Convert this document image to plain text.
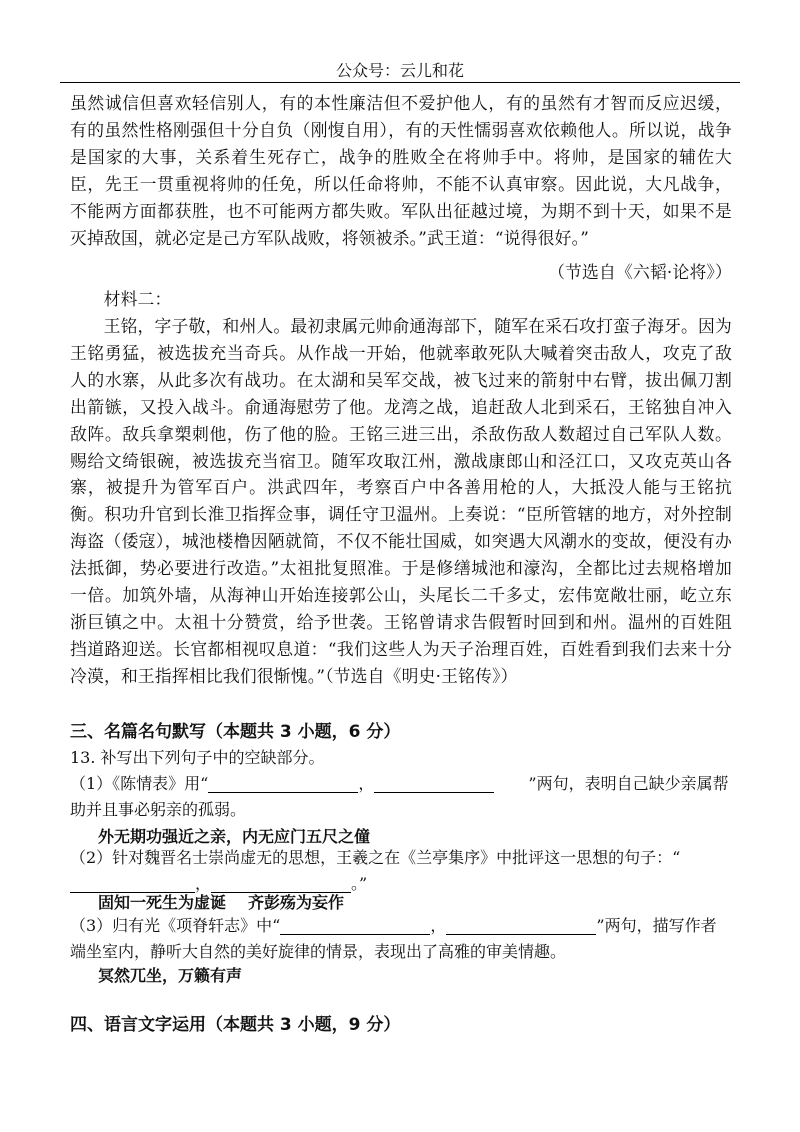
公众号：云儿和花
虽然诚信但喜欢轻信别人，有的本性廉洁但不爱护他人，有的虽然有才智而反应迟缓，有的虽然性格刚强但十分自负（刚愎自用），有的天性懦弱喜欢依赖他人。所以说，战争是国家的大事，关系着生死存亡，战争的胜败全在将帅手中。将帅，是国家的辅佐大臣，先王一贯重视将帅的任免，所以任命将帅，不能不认真审察。因此说，大凡战争，不能两方面都获胜，也不可能两方都失败。军队出征越过境，为期不到十天，如果不是灭掉敌国，就必定是己方军队战败，将领被杀。”武王道：“说得很好。”
（节选自《六韬·论将》）
材料二：
王铭，字子敬，和州人。最初隶属元帅俞通海部下，随军在采石攻打蛮子海牙。因为王铭勇猛，被选拔充当奇兵。从作战一开始，他就率敢死队大喊着突击敌人，攻克了敌人的水寨，从此多次有战功。在太湖和吴军交战，被飞过来的箭射中右臂，拔出佩刀割出箭镞，又投入战斗。俞通海慰劳了他。龙湾之战，追赶敌人北到采石，王铭独自冲入敌阵。敌兵拿槊刺他，伤了他的脸。王铭三进三出，杀敌伤敌人数超过自己军队人数。赐给文绮银碗，被选拔充当宿卫。随军攻取江州，激战康郎山和泾江口，又攻克英山各寨，被提升为管军百户。洪武四年，考察百户中各善用枪的人，大抵没人能与王铭抗衡。积功升官到长淮卫指挥佥事，调任守卫温州。上奏说：“臣所管辖的地方，对外控制海盗（倭寇），城池楼橹因陋就简，不仅不能壮国威，如突遇大风潮水的变故，便没有办法抵御，势必要进行改造。”太祖批复照准。于是修缮城池和濠沟，全都比过去规格增加一倍。加筑外墙，从海神山开始连接郭公山，头尾长二千多丈，宏伟宽敞壮丽，屹立东浙巨镇之中。太祖十分赞赏，给予世袭。王铭曾请求告假暂时回到和州。温州的百姓阻挡道路迎送。长官都相视叹息道：“我们这些人为天子治理百姓，百姓看到我们去来十分冷漠，和王指挥相比我们很惭愧。”（节选自《明史·王铭传》）
三、名篇名句默写（本题共 3 小题，6 分）
13. 补写出下列句子中的空缺部分。
（1）《陈情表》用“	，	”两句，表明自己缺少亲属帮助并且事必躬亲的孤弱。
外无期功强近之亲，内无应门五尺之僮
（2）针对魏晋名士崇尚虚无的思想，王羲之在《兰亭集序》中批评这一思想的句子：“，	。”
固知一死生为虚诞 齐彭殇为妄作
（3）归有光《项脊轩志》中“	，	”两句，描写作者端坐室内，静听大自然的美好旋律的情景，表现出了高雅的审美情趣。
冥然兀坐，万籁有声
四、语言文字运用（本题共 3 小题，9 分）
